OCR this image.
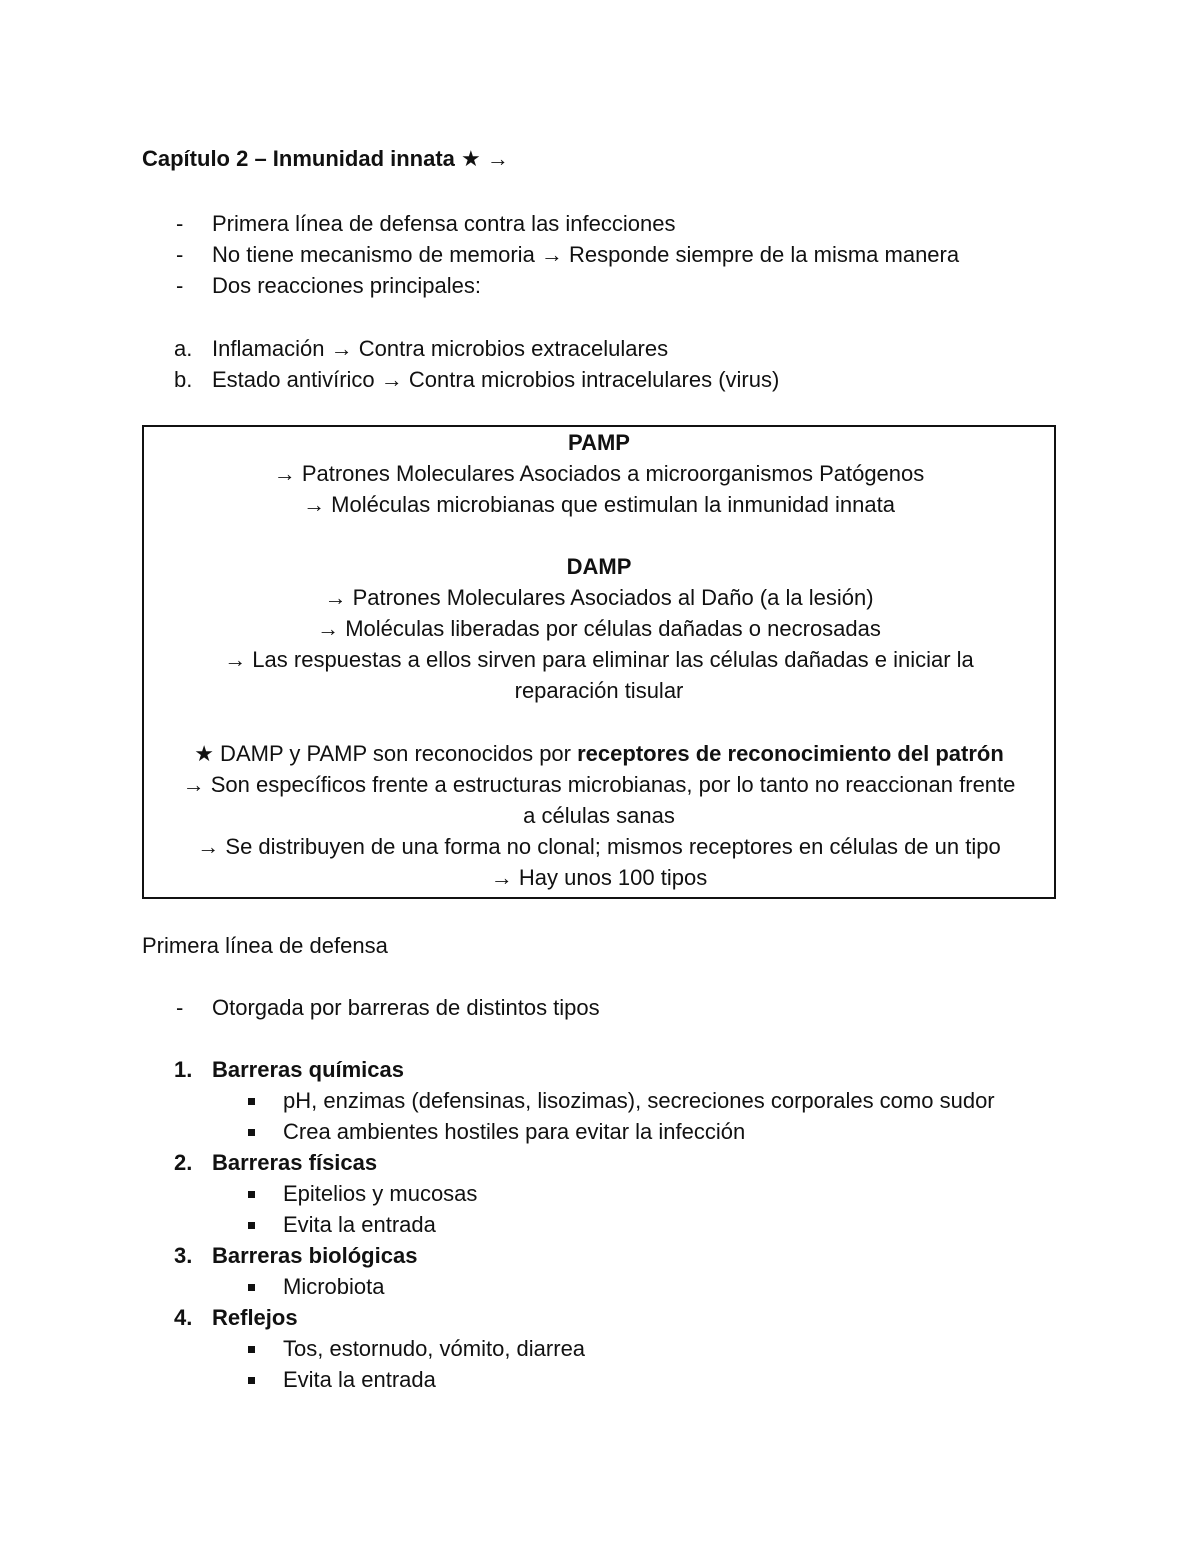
Capítulo 2 – Inmunidad innata ★ →
- Primera línea de defensa contra las infecciones
- No tiene mecanismo de memoria → Responde siempre de la misma manera
- Dos reacciones principales:
a. Inflamación → Contra microbios extracelulares
b. Estado antivírico → Contra microbios intracelulares (virus)
PAMP
→ Patrones Moleculares Asociados a microorganismos Patógenos
→ Moléculas microbianas que estimulan la inmunidad innata
DAMP
→ Patrones Moleculares Asociados al Daño (a la lesión)
→ Moléculas liberadas por células dañadas o necrosadas
→ Las respuestas a ellos sirven para eliminar las células dañadas e iniciar la
reparación tisular
★ DAMP y PAMP son reconocidos por receptores de reconocimiento del patrón
→ Son específicos frente a estructuras microbianas, por lo tanto no reaccionan frente
a células sanas
→ Se distribuyen de una forma no clonal; mismos receptores en células de un tipo
→ Hay unos 100 tipos
Primera línea de defensa
- Otorgada por barreras de distintos tipos
1. Barreras químicas
pH, enzimas (defensinas, lisozimas), secreciones corporales como sudor
Crea ambientes hostiles para evitar la infección
2. Barreras físicas
Epitelios y mucosas
Evita la entrada
3. Barreras biológicas
Microbiota
4. Reflejos
Tos, estornudo, vómito, diarrea
Evita la entrada
